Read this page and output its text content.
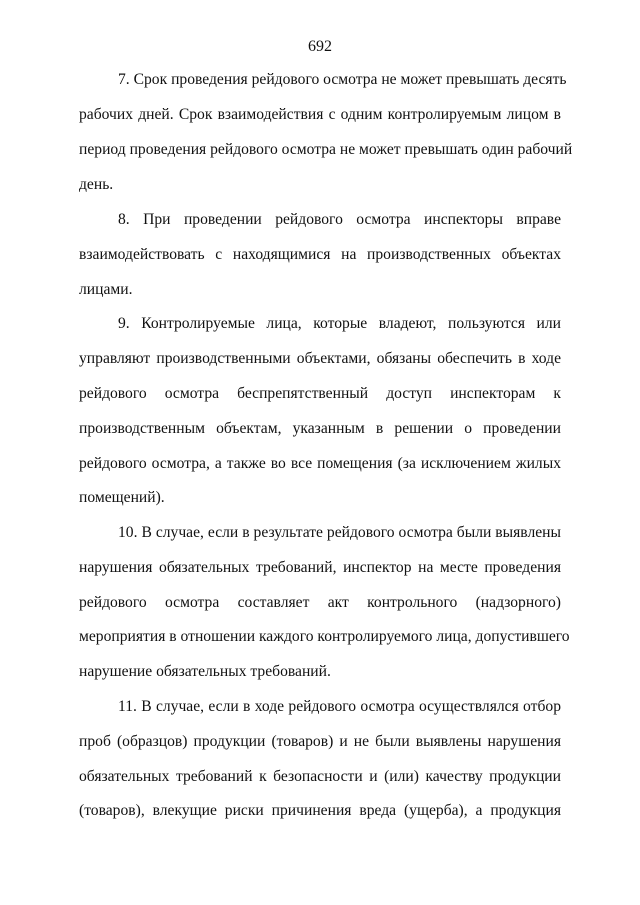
692
7. Срок проведения рейдового осмотра не может превышать десять
рабочих дней. Срок взаимодействия с одним контролируемым лицом в
период проведения рейдового осмотра не может превышать один рабочий
день.
8. При проведении рейдового осмотра инспекторы вправе
взаимодействовать с находящимися на производственных объектах
лицами.
9. Контролируемые лица, которые владеют, пользуются или
управляют производственными объектами, обязаны обеспечить в ходе
рейдового осмотра беспрепятственный доступ инспекторам к
производственным объектам, указанным в решении о проведении
рейдового осмотра, а также во все помещения (за исключением жилых
помещений).
10. В случае, если в результате рейдового осмотра были выявлены
нарушения обязательных требований, инспектор на месте проведения
рейдового осмотра составляет акт контрольного (надзорного)
мероприятия в отношении каждого контролируемого лица, допустившего
нарушение обязательных требований.
11. В случае, если в ходе рейдового осмотра осуществлялся отбор
проб (образцов) продукции (товаров) и не были выявлены нарушения
обязательных требований к безопасности и (или) качеству продукции
(товаров), влекущие риски причинения вреда (ущерба), а продукция
